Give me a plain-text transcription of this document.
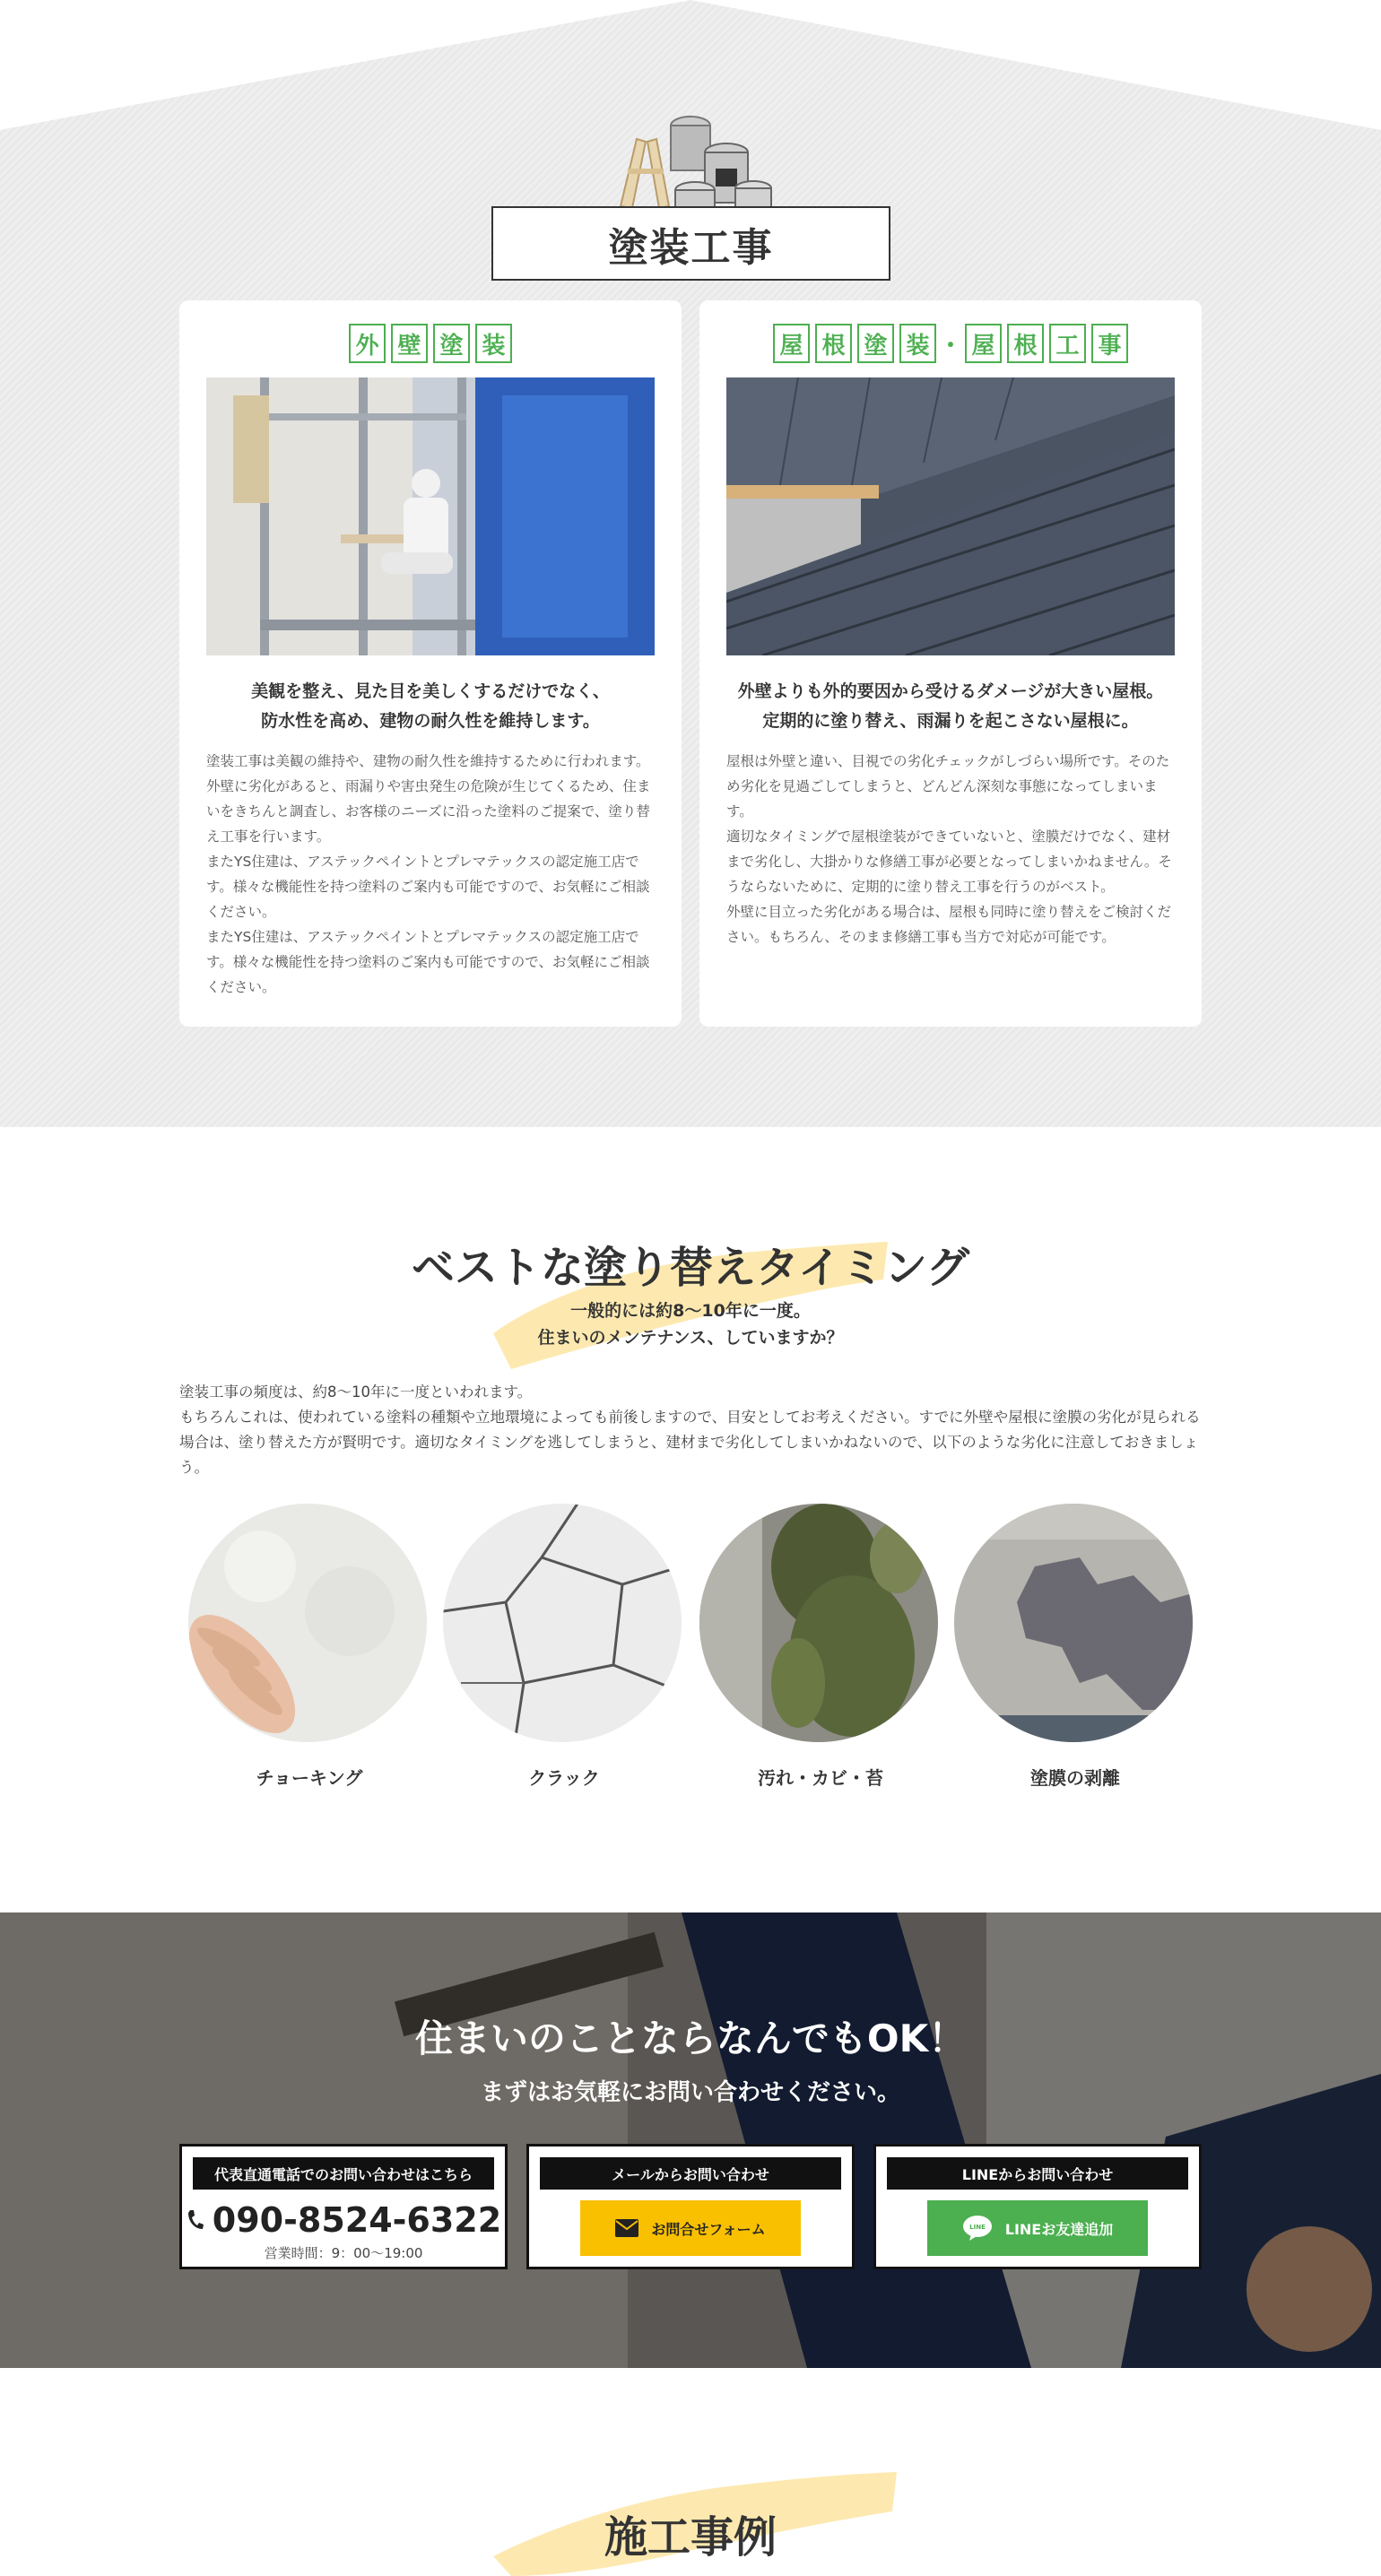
塗装工事
外 壁 塗 装
美観を整え、見た目を美しくするだけでなく、
防水性を高め、建物の耐久性を維持します。

塗装工事は美観の維持や、建物の耐久性を維持するために行われます。外壁に劣化があると、雨漏りや害虫発生の危険が生じてくるため、住まいをきちんと調査し、お客様のニーズに沿った塗料のご提案で、塗り替え工事を行います。

またYS住建は、アステックペイントとプレマテックスの認定施工店です。様々な機能性を持つ塗料のご案内も可能ですので、お気軽にご相談ください。

またYS住建は、アステックペイントとプレマテックスの認定施工店です。様々な機能性を持つ塗料のご案内も可能ですので、お気軽にご相談ください。

屋 根 塗 装 ・ 屋 根 工 事
外壁よりも外的要因から受けるダメージが大きい屋根。
定期的に塗り替え、雨漏りを起こさない屋根に。

屋根は外壁と違い、目視での劣化チェックがしづらい場所です。そのため劣化を見過ごしてしまうと、どんどん深刻な事態になってしまいます。

適切なタイミングで屋根塗装ができていないと、塗膜だけでなく、建材まで劣化し、大掛かりな修繕工事が必要となってしまいかねません。そうならないために、定期的に塗り替え工事を行うのがベスト。

外壁に目立った劣化がある場合は、屋根も同時に塗り替えをご検討ください。もちろん、そのまま修繕工事も当方で対応が可能です。

ベストな塗り替えタイミング
一般的には約8〜10年に一度。
住まいのメンテナンス、していますか？

塗装工事の頻度は、約8〜10年に一度といわれます。

もちろんこれは、使われている塗料の種類や立地環境によっても前後しますので、目安としてお考えください。すでに外壁や屋根に塗膜の劣化が見られる場合は、塗り替えた方が賢明です。適切なタイミングを逃してしまうと、建材まで劣化してしまいかねないので、以下のような劣化に注意しておきましょう。

チョーキング	クラック	汚れ・カビ・苔	塗膜の剥離
住まいのことならなんでもOK！
まずはお気軽にお問い合わせください。
代表直通電話でのお問い合わせはこちら
090-8524-6322
営業時間：9：00〜19:00
メールからお問い合わせ
お問合せフォーム
LINEからお問い合わせ
LINE LINEお友達追加
施工事例
